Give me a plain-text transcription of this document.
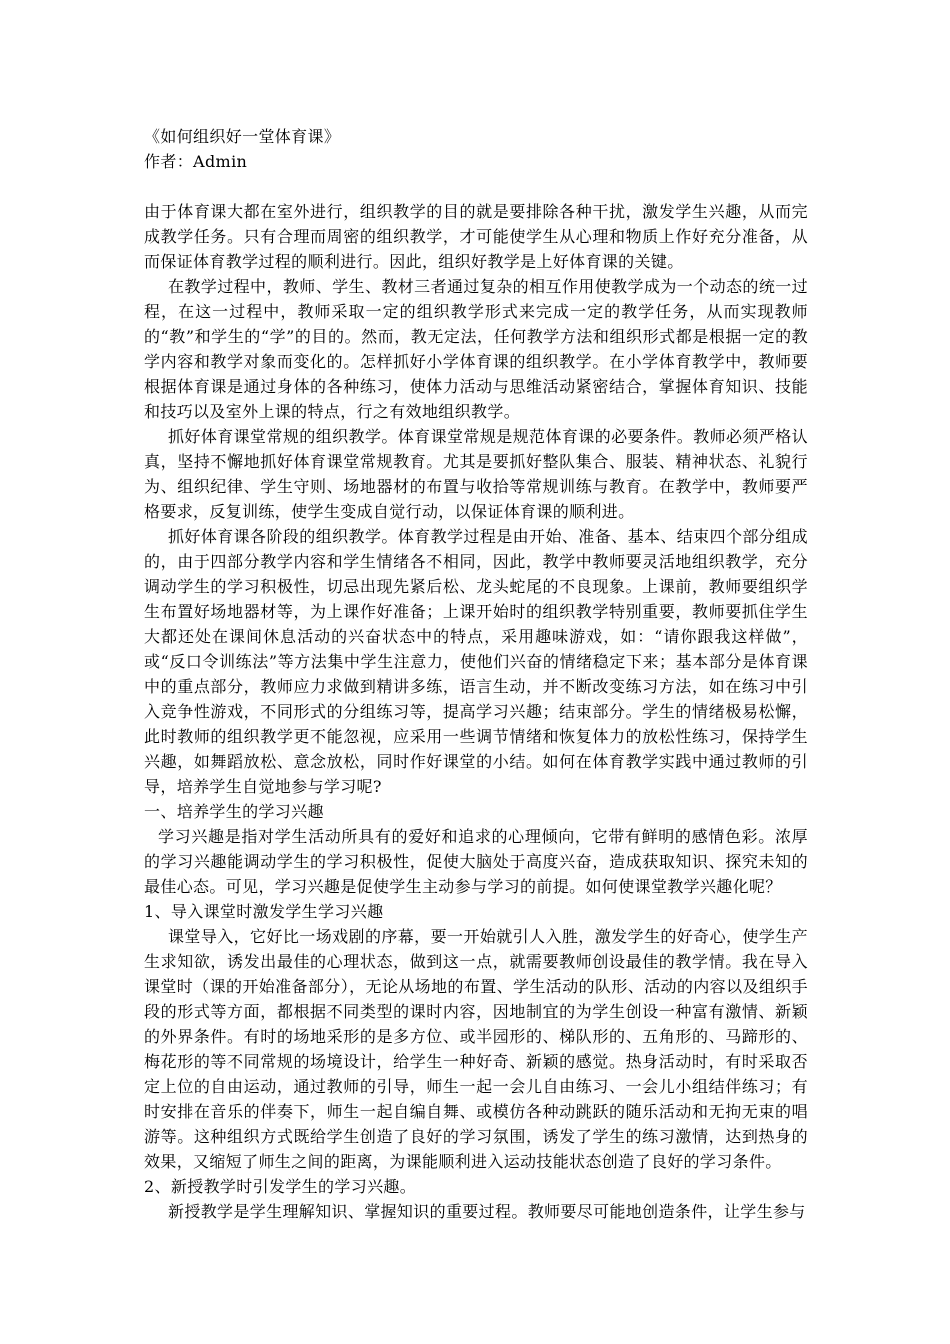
《如何组织好一堂体育课》

作者：Admin

由于体育课大都在室外进行，组织教学的目的就是要排除各种干扰，激发学生兴趣，从而完成教学任务。只有合理而周密的组织教学，才可能使学生从心理和物质上作好充分准备，从而保证体育教学过程的顺利进行。因此，组织好教学是上好体育课的关键。

在教学过程中，教师、学生、教材三者通过复杂的相互作用使教学成为一个动态的统一过程，在这一过程中，教师采取一定的组织教学形式来完成一定的教学任务，从而实现教师的“教”和学生的“学”的目的。然而，教无定法，任何教学方法和组织形式都是根据一定的教学内容和教学对象而变化的。怎样抓好小学体育课的组织教学。在小学体育教学中，教师要根据体育课是通过身体的各种练习，使体力活动与思维活动紧密结合，掌握体育知识、技能和技巧以及室外上课的特点，行之有效地组织教学。

抓好体育课堂常规的组织教学。体育课堂常规是规范体育课的必要条件。教师必须严格认真，坚持不懈地抓好体育课堂常规教育。尤其是要抓好整队集合、服装、精神状态、礼貌行为、组织纪律、学生守则、场地器材的布置与收拾等常规训练与教育。在教学中，教师要严格要求，反复训练，使学生变成自觉行动，以保证体育课的顺利进。

抓好体育课各阶段的组织教学。体育教学过程是由开始、准备、基本、结束四个部分组成的，由于四部分教学内容和学生情绪各不相同，因此，教学中教师要灵活地组织教学，充分调动学生的学习积极性，切忌出现先紧后松、龙头蛇尾的不良现象。上课前，教师要组织学生布置好场地器材等，为上课作好准备；上课开始时的组织教学特别重要，教师要抓住学生大都还处在课间休息活动的兴奋状态中的特点，采用趣味游戏，如：“请你跟我这样做”，或“反口令训练法”等方法集中学生注意力，使他们兴奋的情绪稳定下来；基本部分是体育课中的重点部分，教师应力求做到精讲多练，语言生动，并不断改变练习方法，如在练习中引入竞争性游戏，不同形式的分组练习等，提高学习兴趣；结束部分。学生的情绪极易松懈，此时教师的组织教学更不能忽视，应采用一些调节情绪和恢复体力的放松性练习，保持学生兴趣，如舞蹈放松、意念放松，同时作好课堂的小结。如何在体育教学实践中通过教师的引导，培养学生自觉地参与学习呢?

一、培养学生的学习兴趣

学习兴趣是指对学生活动所具有的爱好和追求的心理倾向，它带有鲜明的感情色彩。浓厚的学习兴趣能调动学生的学习积极性，促使大脑处于高度兴奋，造成获取知识、探究未知的最佳心态。可见，学习兴趣是促使学生主动参与学习的前提。如何使课堂教学兴趣化呢？

1、导入课堂时激发学生学习兴趣

课堂导入，它好比一场戏剧的序幕，要一开始就引人入胜，激发学生的好奇心，使学生产生求知欲，诱发出最佳的心理状态，做到这一点，就需要教师创设最佳的教学情。我在导入课堂时（课的开始准备部分），无论从场地的布置、学生活动的队形、活动的内容以及组织手段的形式等方面，都根据不同类型的课时内容，因地制宜的为学生创设一种富有激情、新颖的外界条件。有时的场地采形的是多方位、或半园形的、梯队形的、五角形的、马蹄形的、梅花形的等不同常规的场境设计，给学生一种好奇、新颖的感觉。热身活动时，有时采取否定上位的自由运动，通过教师的引导，师生一起一会儿自由练习、一会儿小组结伴练习；有时安排在音乐的伴奏下，师生一起自编自舞、或模仿各种动跳跃的随乐活动和无拘无束的唱游等。这种组织方式既给学生创造了良好的学习氛围，诱发了学生的练习激情，达到热身的效果，又缩短了师生之间的距离，为课能顺利进入运动技能状态创造了良好的学习条件。

2、新授教学时引发学生的学习兴趣。

新授教学是学生理解知识、掌握知识的重要过程。教师要尽可能地创造条件，让学生参与
